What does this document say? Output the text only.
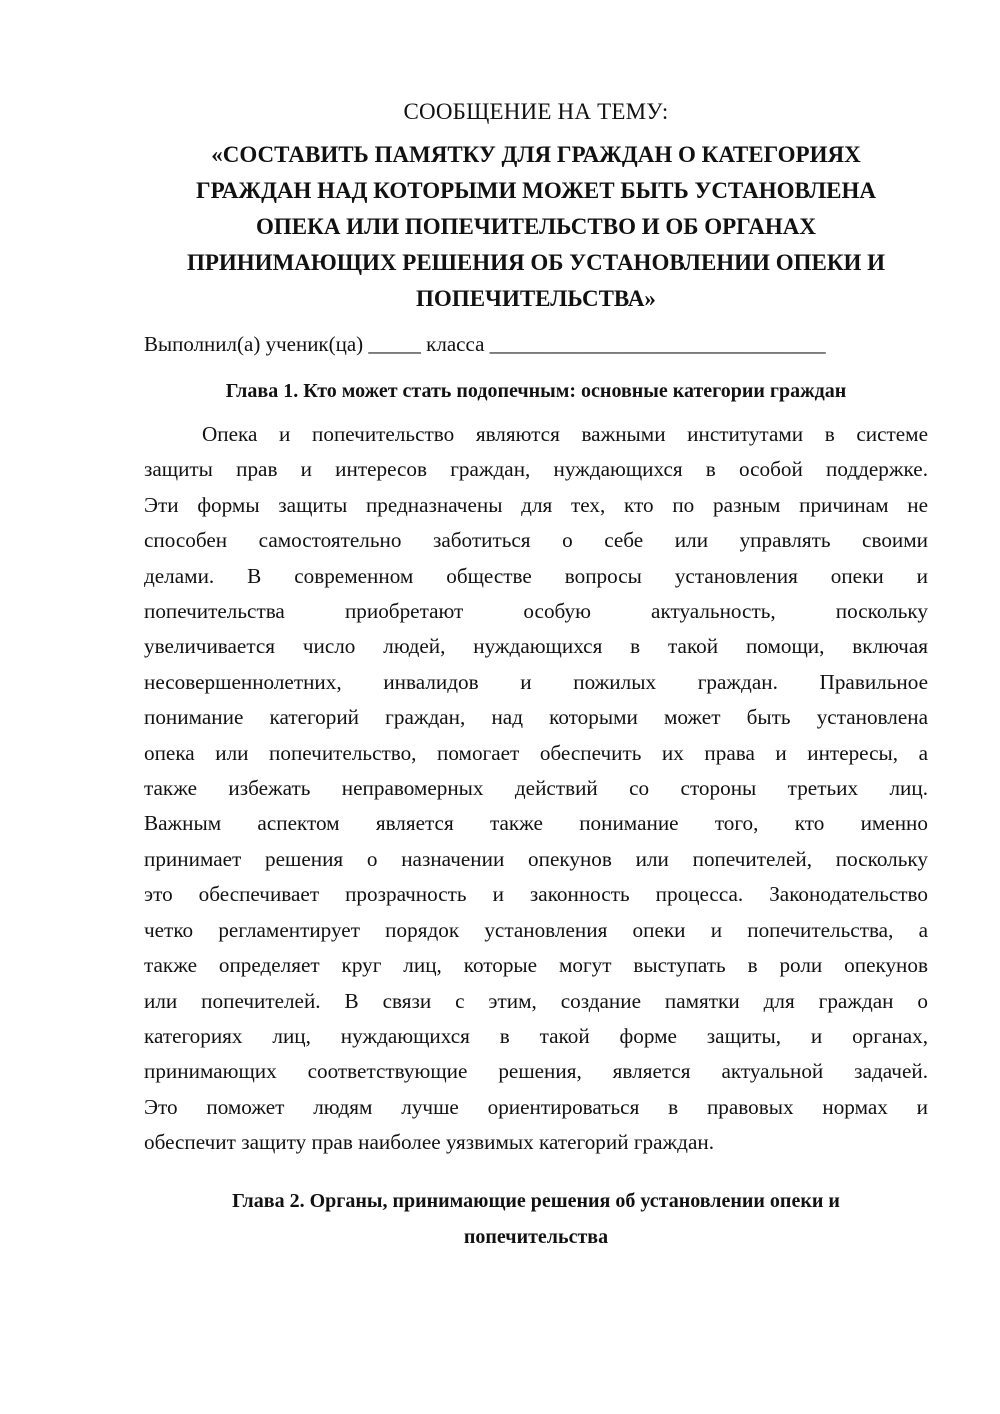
СООБЩЕНИЕ НА ТЕМУ:
«СОСТАВИТЬ ПАМЯТКУ ДЛЯ ГРАЖДАН О КАТЕГОРИЯХ
ГРАЖДАН НАД КОТОРЫМИ МОЖЕТ БЫТЬ УСТАНОВЛЕНА
ОПЕКА ИЛИ ПОПЕЧИТЕЛЬСТВО И ОБ ОРГАНАХ
ПРИНИМАЮЩИХ РЕШЕНИЯ ОБ УСТАНОВЛЕНИИ ОПЕКИ И
ПОПЕЧИТЕЛЬСТВА»
Выполнил(а) ученик(ца) _____ класса ________________________________
Глава 1. Кто может стать подопечным: основные категории граждан
Опека и попечительство являются важными институтами в системе
защиты прав и интересов граждан, нуждающихся в особой поддержке.
Эти формы защиты предназначены для тех, кто по разным причинам не
способен самостоятельно заботиться о себе или управлять своими
делами. В современном обществе вопросы установления опеки и
попечительства приобретают особую актуальность, поскольку
увеличивается число людей, нуждающихся в такой помощи, включая
несовершеннолетних, инвалидов и пожилых граждан. Правильное
понимание категорий граждан, над которыми может быть установлена
опека или попечительство, помогает обеспечить их права и интересы, а
также избежать неправомерных действий со стороны третьих лиц.
Важным аспектом является также понимание того, кто именно
принимает решения о назначении опекунов или попечителей, поскольку
это обеспечивает прозрачность и законность процесса. Законодательство
четко регламентирует порядок установления опеки и попечительства, а
также определяет круг лиц, которые могут выступать в роли опекунов
или попечителей. В связи с этим, создание памятки для граждан о
категориях лиц, нуждающихся в такой форме защиты, и органах,
принимающих соответствующие решения, является актуальной задачей.
Это поможет людям лучше ориентироваться в правовых нормах и
обеспечит защиту прав наиболее уязвимых категорий граждан.
Глава 2. Органы, принимающие решения об установлении опеки и
попечительства
